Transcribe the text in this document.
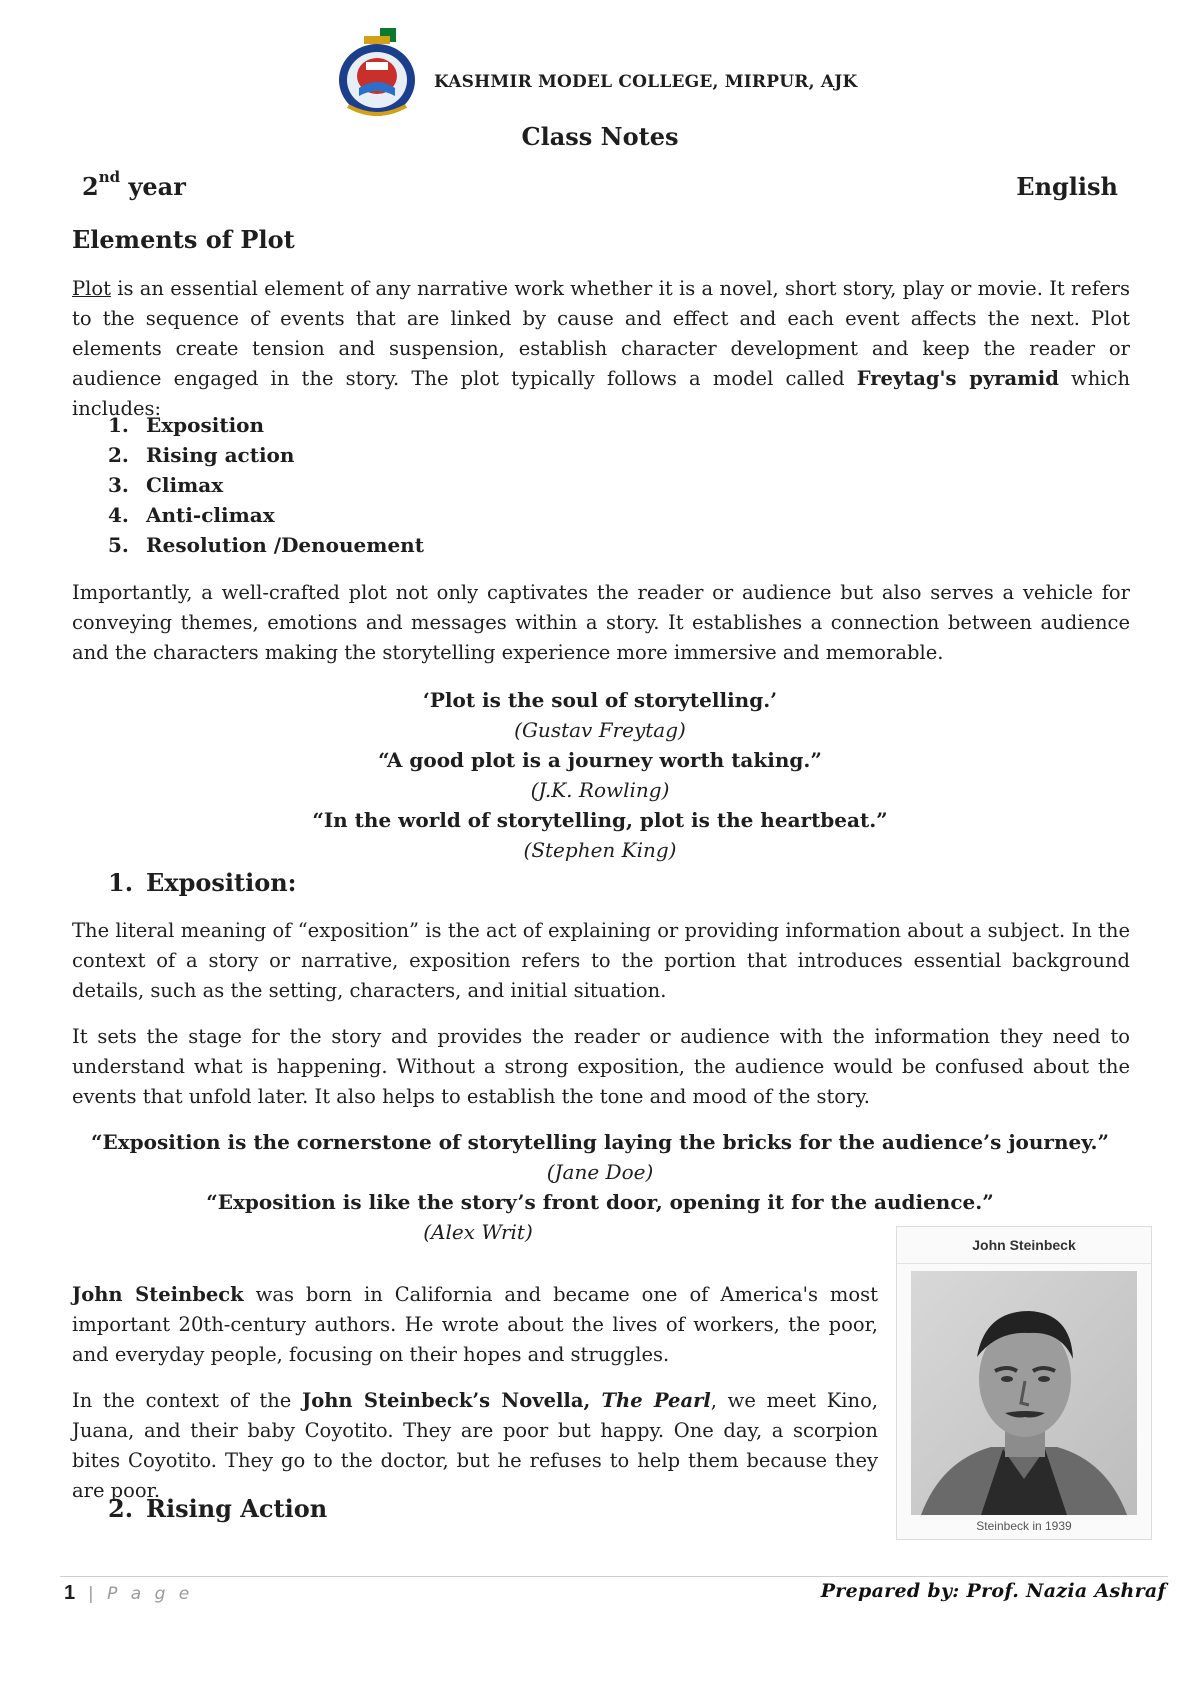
KASHMIR MODEL COLLEGE, MIRPUR, AJK
Class Notes
2nd year	English
Elements of Plot
Plot is an essential element of any narrative work whether it is a novel, short story, play or movie. It refers to the sequence of events that are linked by cause and effect and each event affects the next. Plot elements create tension and suspension, establish character development and keep the reader or audience engaged in the story. The plot typically follows a model called Freytag's pyramid which includes:
1. Exposition
2. Rising action
3. Climax
4. Anti-climax
5. Resolution /Denouement
Importantly, a well-crafted plot not only captivates the reader or audience but also serves a vehicle for conveying themes, emotions and messages within a story. It establishes a connection between audience and the characters making the storytelling experience more immersive and memorable.
‘Plot is the soul of storytelling.’
(Gustav Freytag)
“A good plot is a journey worth taking.”
(J.K. Rowling)
“In the world of storytelling, plot is the heartbeat.”
(Stephen King)
1. Exposition:
The literal meaning of “exposition” is the act of explaining or providing information about a subject. In the context of a story or narrative, exposition refers to the portion that introduces essential background details, such as the setting, characters, and initial situation.
It sets the stage for the story and provides the reader or audience with the information they need to understand what is happening. Without a strong exposition, the audience would be confused about the events that unfold later. It also helps to establish the tone and mood of the story.
“Exposition is the cornerstone of storytelling laying the bricks for the audience’s journey.”
(Jane Doe)
“Exposition is like the story’s front door, opening it for the audience.”
(Alex Writ)
John Steinbeck was born in California and became one of America's most important 20th-century authors. He wrote about the lives of workers, the poor, and everyday people, focusing on their hopes and struggles.
In the context of the John Steinbeck’s Novella, The Pearl, we meet Kino, Juana, and their baby Coyotito. They are poor but happy. One day, a scorpion bites Coyotito. They go to the doctor, but he refuses to help them because they are poor.
2. Rising Action
John Steinbeck
Steinbeck in 1939
1 | P a g e	Prepared by: Prof. Nazia Ashraf
